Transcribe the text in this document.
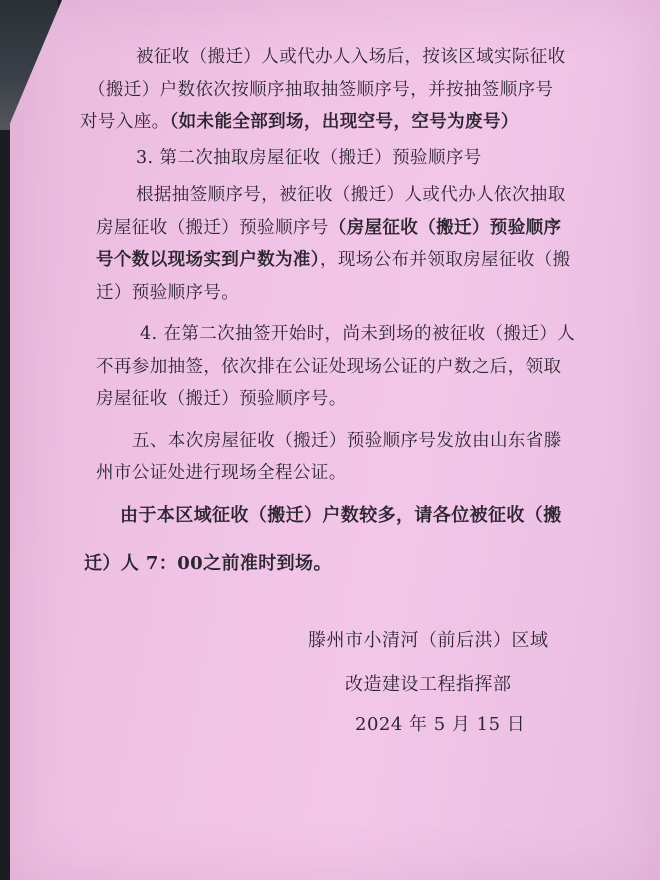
被征收（搬迁）人或代办人入场后，按该区域实际征收

（搬迁）户数依次按顺序抽取抽签顺序号，并按抽签顺序号

对号入座。（如未能全部到场，出现空号，空号为废号）

3. 第二次抽取房屋征收（搬迁）预验顺序号

根据抽签顺序号，被征收（搬迁）人或代办人依次抽取

房屋征收（搬迁）预验顺序号（房屋征收（搬迁）预验顺序

号个数以现场实到户数为准），现场公布并领取房屋征收（搬

迁）预验顺序号。

4. 在第二次抽签开始时，尚未到场的被征收（搬迁）人

不再参加抽签，依次排在公证处现场公证的户数之后，领取

房屋征收（搬迁）预验顺序号。

五、本次房屋征收（搬迁）预验顺序号发放由山东省滕

州市公证处进行现场全程公证。

由于本区域征收（搬迁）户数较多，请各位被征收（搬

迁）人 7：00之前准时到场。

滕州市小清河（前后洪）区域
改造建设工程指挥部
2024 年 5 月 15 日
